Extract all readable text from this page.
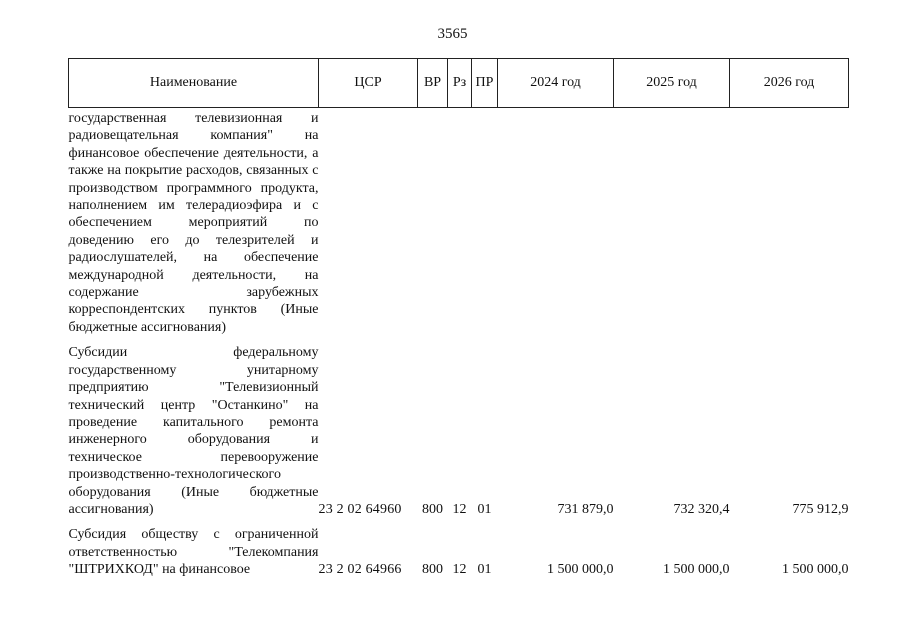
3565
Наименование	ЦСР	ВР	Рз	ПР	2024 год	2025 год	2026 год
государственная телевизионная и радиовещательная компания" на финансовое обеспечение деятельности, а также на покрытие расходов, связанных с производством программного продукта, наполнением им телерадиоэфира и с обеспечением мероприятий по доведению его до телезрителей и радиослушателей, на обеспечение международной деятельности, на содержание зарубежных корреспондентских пунктов (Иные бюджетные ассигнования)							

Субсидии федеральному государственному унитарному предприятию "Телевизионный технический центр "Останкино" на проведение капитального ремонта инженерного оборудования и техническое перевооружение производственно-технологического оборудования (Иные бюджетные ассигнования)	23 2 02 64960	800	12	01	731 879,0	732 320,4	775 912,9

Субсидия обществу с ограниченной ответственностью "Телекомпания "ШТРИХКОД" на финансовое	23 2 02 64966	800	12	01	1 500 000,0	1 500 000,0	1 500 000,0
